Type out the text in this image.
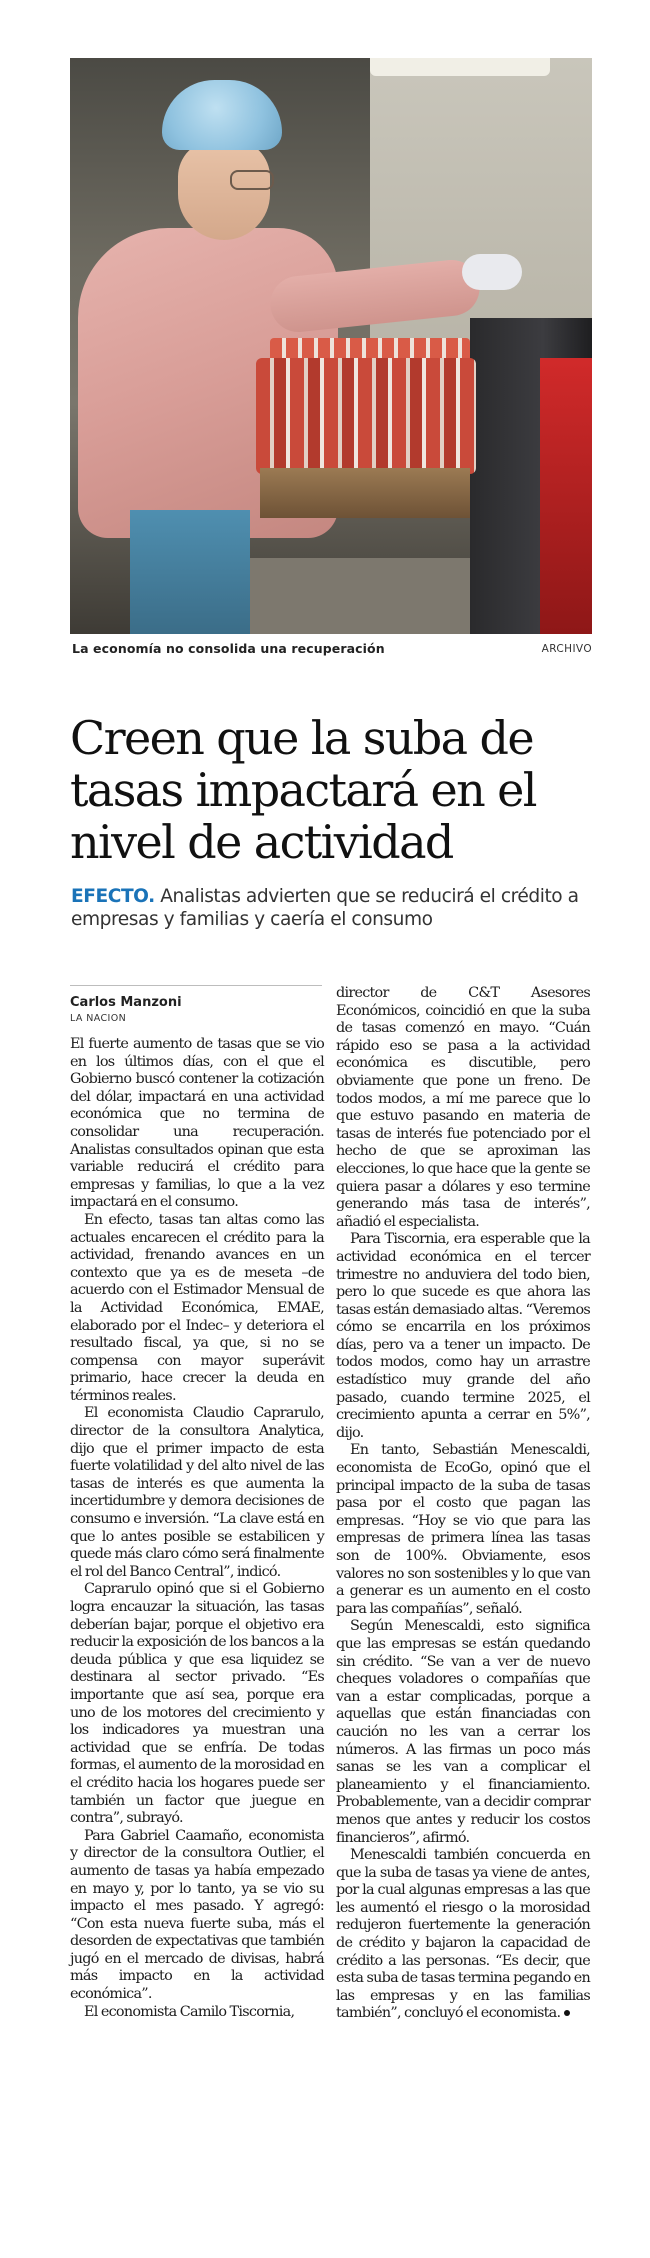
La economía no consolida una recuperación	ARCHIVO
Creen que la suba de tasas impactará en el nivel de actividad

EFECTO. Analistas advierten que se reducirá el crédito a empresas y familias y caería el consumo

Carlos Manzoni
LA NACION

El fuerte aumento de tasas que se vio en los últimos días, con el que el Gobierno buscó contener la cotización del dólar, impactará en una actividad económica que no termina de consolidar una recuperación. Analistas consultados opinan que esta variable reducirá el crédito para empresas y familias, lo que a la vez impactará en el consumo.

En efecto, tasas tan altas como las actuales encarecen el crédito para la actividad, frenando avances en un contexto que ya es de meseta –de acuerdo con el Estimador Mensual de la Actividad Económica, EMAE, elaborado por el Indec– y deteriora el resultado fiscal, ya que, si no se compensa con mayor superávit primario, hace crecer la deuda en términos reales.

El economista Claudio Caprarulo, director de la consultora Analytica, dijo que el primer impacto de esta fuerte volatilidad y del alto nivel de las tasas de interés es que aumenta la incertidumbre y demora decisiones de consumo e inversión. “La clave está en que lo antes posible se estabilicen y quede más claro cómo será finalmente el rol del Banco Central”, indicó.

Caprarulo opinó que si el Gobierno logra encauzar la situación, las tasas deberían bajar, porque el objetivo era reducir la exposición de los bancos a la deuda pública y que esa liquidez se destinara al sector privado. “Es importante que así sea, porque era uno de los motores del crecimiento y los indicadores ya muestran una actividad que se enfría. De todas formas, el aumento de la morosidad en el crédito hacia los hogares puede ser también un factor que juegue en contra”, subrayó.

Para Gabriel Caamaño, economista y director de la consultora Outlier, el aumento de tasas ya había empezado en mayo y, por lo tanto, ya se vio su impacto el mes pasado. Y agregó: “Con esta nueva fuerte suba, más el desorden de expectativas que también jugó en el mercado de divisas, habrá más impacto en la actividad económica”.

El economista Camilo Tiscornia,

director de C&T Asesores Económicos, coincidió en que la suba de tasas comenzó en mayo. “Cuán rápido eso se pasa a la actividad económica es discutible, pero obviamente que pone un freno. De todos modos, a mí me parece que lo que estuvo pasando en materia de tasas de interés fue potenciado por el hecho de que se aproximan las elecciones, lo que hace que la gente se quiera pasar a dólares y eso termine generando más tasa de interés”, añadió el especialista.

Para Tiscornia, era esperable que la actividad económica en el tercer trimestre no anduviera del todo bien, pero lo que sucede es que ahora las tasas están demasiado altas. “Veremos cómo se encarrila en los próximos días, pero va a tener un impacto. De todos modos, como hay un arrastre estadístico muy grande del año pasado, cuando termine 2025, el crecimiento apunta a cerrar en 5%”, dijo.

En tanto, Sebastián Menescaldi, economista de EcoGo, opinó que el principal impacto de la suba de tasas pasa por el costo que pagan las empresas. “Hoy se vio que para las empresas de primera línea las tasas son de 100%. Obviamente, esos valores no son sostenibles y lo que van a generar es un aumento en el costo para las compañías”, señaló.

Según Menescaldi, esto significa que las empresas se están quedando sin crédito. “Se van a ver de nuevo cheques voladores o compañías que van a estar complicadas, porque a aquellas que están financiadas con caución no les van a cerrar los números. A las firmas un poco más sanas se les van a complicar el planeamiento y el financiamiento. Probablemente, van a decidir comprar menos que antes y reducir los costos financieros”, afirmó.

Menescaldi también concuerda en que la suba de tasas ya viene de antes, por la cual algunas empresas a las que les aumentó el riesgo o la morosidad redujeron fuertemente la generación de crédito y bajaron la capacidad de crédito a las personas. “Es decir, que esta suba de tasas termina pegando en las empresas y en las familias también”, concluyó el economista.
